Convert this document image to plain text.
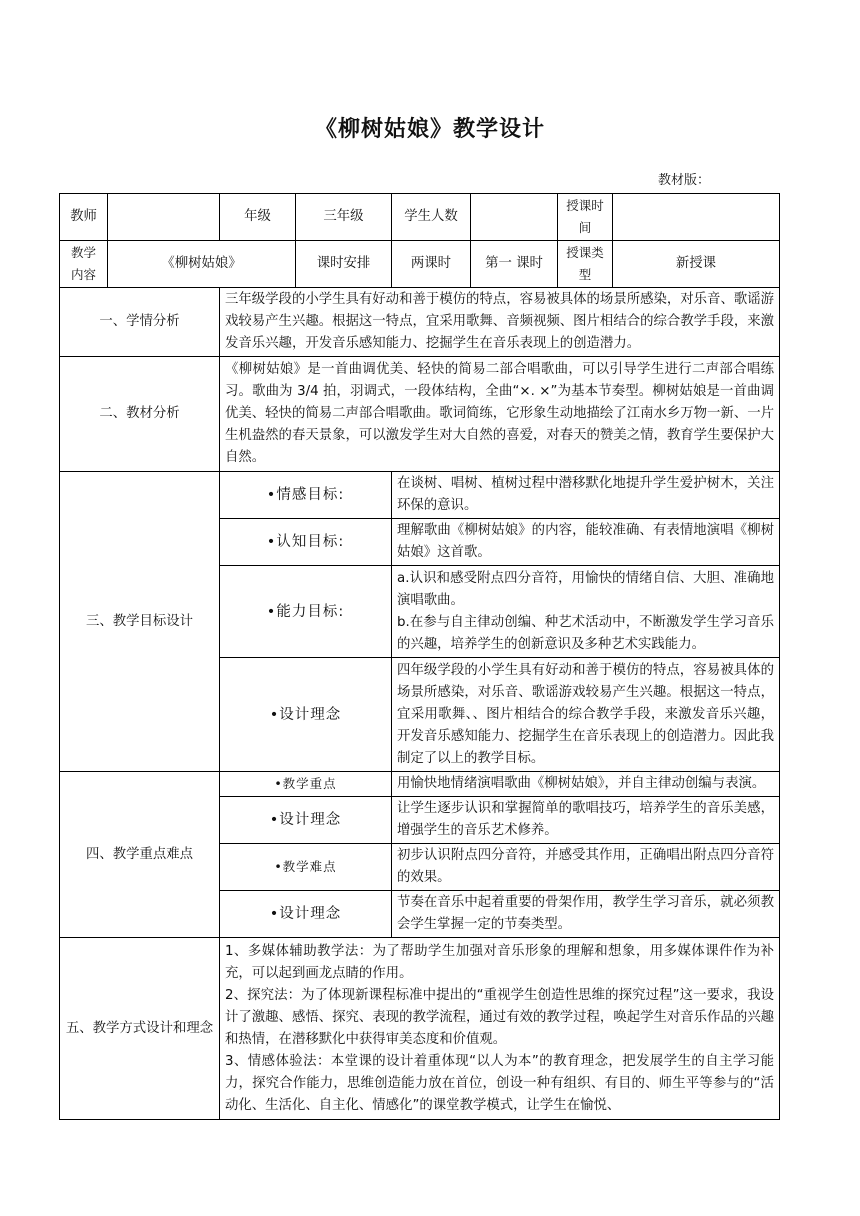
《柳树姑娘》教学设计
教材版：
教师		年级	三年级	学生人数		授课时间	
教学内容	《柳树姑娘》		课时安排	两课时	第一 课时	授课类型	新授课
一、学情分析		三年级学段的小学生具有好动和善于模仿的特点，容易被具体的场景所感染，对乐音、歌谣游戏较易产生兴趣。根据这一特点，宜采用歌舞、音频视频、图片相结合的综合教学手段，来激发音乐兴趣，开发音乐感知能力、挖掘学生在音乐表现上的创造潜力。					
二、教材分析		《柳树姑娘》是一首曲调优美、轻快的简易二部合唱歌曲，可以引导学生进行二声部合唱练习。歌曲为 3/4 拍，羽调式，一段体结构，全曲“×. ×”为基本节奏型。柳树姑娘是一首曲调优美、轻快的简易二声部合唱歌曲。歌词简练，它形象生动地描绘了江南水乡万物一新、一片生机盎然的春天景象，可以激发学生对大自然的喜爱，对春天的赞美之情，教育学生要保护大自然。					
三、教学目标设计		•情感目标:		在谈树、唱树、植树过程中潜移默化地提升学生爱护树木，关注环保的意识。			
		•认知目标:		理解歌曲《柳树姑娘》的内容，能较准确、有表情地演唱《柳树姑娘》这首歌。			
		•能力目标:		a.认识和感受附点四分音符，用愉快的情绪自信、大胆、准确地演唱歌曲。

b.在参与自主律动创编、种艺术活动中，不断激发学生学习音乐的兴趣，培养学生的创新意识及多种艺术实践能力。			

		•设计理念		四年级学段的小学生具有好动和善于模仿的特点，容易被具体的场景所感染，对乐音、歌谣游戏较易产生兴趣。根据这一特点，宜采用歌舞、、图片相结合的综合教学手段，来激发音乐兴趣，开发音乐感知能力、挖掘学生在音乐表现上的创造潜力。因此我制定了以上的教学目标。			
四、教学重点难点		•教学重点		用愉快地情绪演唱歌曲《柳树姑娘》，并自主律动创编与表演。			
		•设计理念		让学生逐步认识和掌握简单的歌唱技巧，培养学生的音乐美感，增强学生的音乐艺术修养。			
		•教学难点		初步认识附点四分音符，并感受其作用，正确唱出附点四分音符的效果。			
		•设计理念		节奏在音乐中起着重要的骨架作用，教学生学习音乐，就必须教会学生掌握一定的节奏类型。			
五、教学方式设计和理念		1、多媒体辅助教学法：为了帮助学生加强对音乐形象的理解和想象，用多媒体课件作为补充，可以起到画龙点睛的作用。

2、探究法：为了体现新课程标准中提出的“重视学生创造性思维的探究过程”这一要求，我设计了激趣、感悟、探究、表现的教学流程，通过有效的教学过程，唤起学生对音乐作品的兴趣和热情，在潜移默化中获得审美态度和价值观。

3、情感体验法：本堂课的设计着重体现“以人为本”的教育理念，把发展学生的自主学习能力，探究合作能力，思维创造能力放在首位，创设一种有组织、有目的、师生平等参与的“活动化、生活化、自主化、情感化”的课堂教学模式，让学生在愉悦、					
